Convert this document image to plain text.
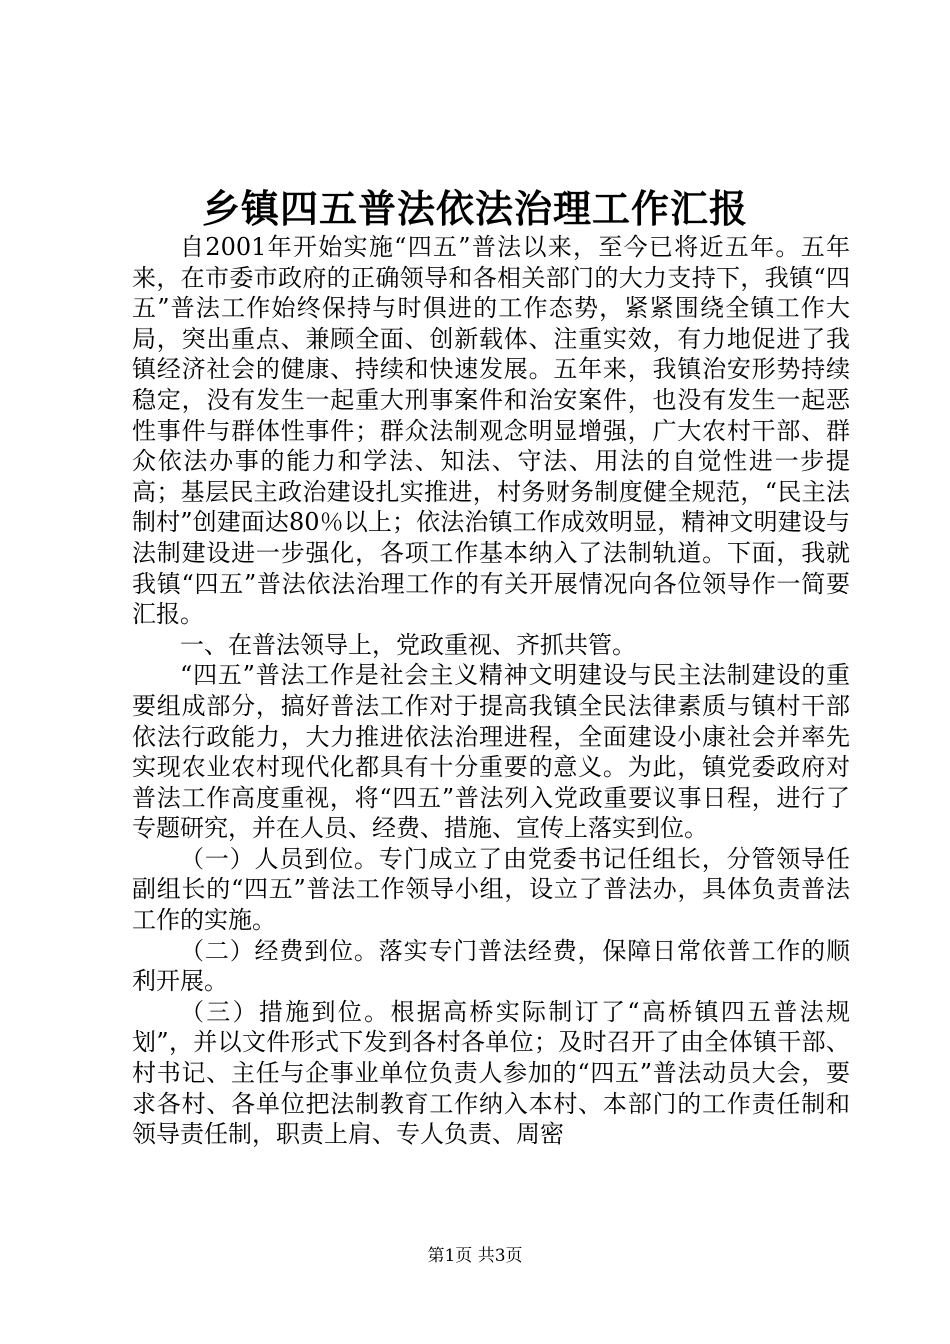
乡镇四五普法依法治理工作汇报

自2001年开始实施“四五”普法以来，至今已将近五年。五年来，在市委市政府的正确领导和各相关部门的大力支持下，我镇“四五”普法工作始终保持与时俱进的工作态势，紧紧围绕全镇工作大局，突出重点、兼顾全面、创新载体、注重实效，有力地促进了我镇经济社会的健康、持续和快速发展。五年来，我镇治安形势持续稳定，没有发生一起重大刑事案件和治安案件，也没有发生一起恶性事件与群体性事件；群众法制观念明显增强，广大农村干部、群众依法办事的能力和学法、知法、守法、用法的自觉性进一步提高；基层民主政治建设扎实推进，村务财务制度健全规范，“民主法制村”创建面达80％以上；依法治镇工作成效明显，精神文明建设与法制建设进一步强化，各项工作基本纳入了法制轨道。下面，我就我镇“四五”普法依法治理工作的有关开展情况向各位领导作一简要汇报。

一、在普法领导上，党政重视、齐抓共管。

“四五”普法工作是社会主义精神文明建设与民主法制建设的重要组成部分，搞好普法工作对于提高我镇全民法律素质与镇村干部依法行政能力，大力推进依法治理进程，全面建设小康社会并率先实现农业农村现代化都具有十分重要的意义。为此，镇党委政府对普法工作高度重视，将“四五”普法列入党政重要议事日程，进行了专题研究，并在人员、经费、措施、宣传上落实到位。

（一）人员到位。专门成立了由党委书记任组长，分管领导任副组长的“四五”普法工作领导小组，设立了普法办，具体负责普法工作的实施。

（二）经费到位。落实专门普法经费，保障日常依普工作的顺利开展。

（三）措施到位。根据高桥实际制订了“高桥镇四五普法规划”，并以文件形式下发到各村各单位；及时召开了由全体镇干部、村书记、主任与企事业单位负责人参加的“四五”普法动员大会，要求各村、各单位把法制教育工作纳入本村、本部门的工作责任制和领导责任制，职责上肩、专人负责、周密

第1页 共3页
